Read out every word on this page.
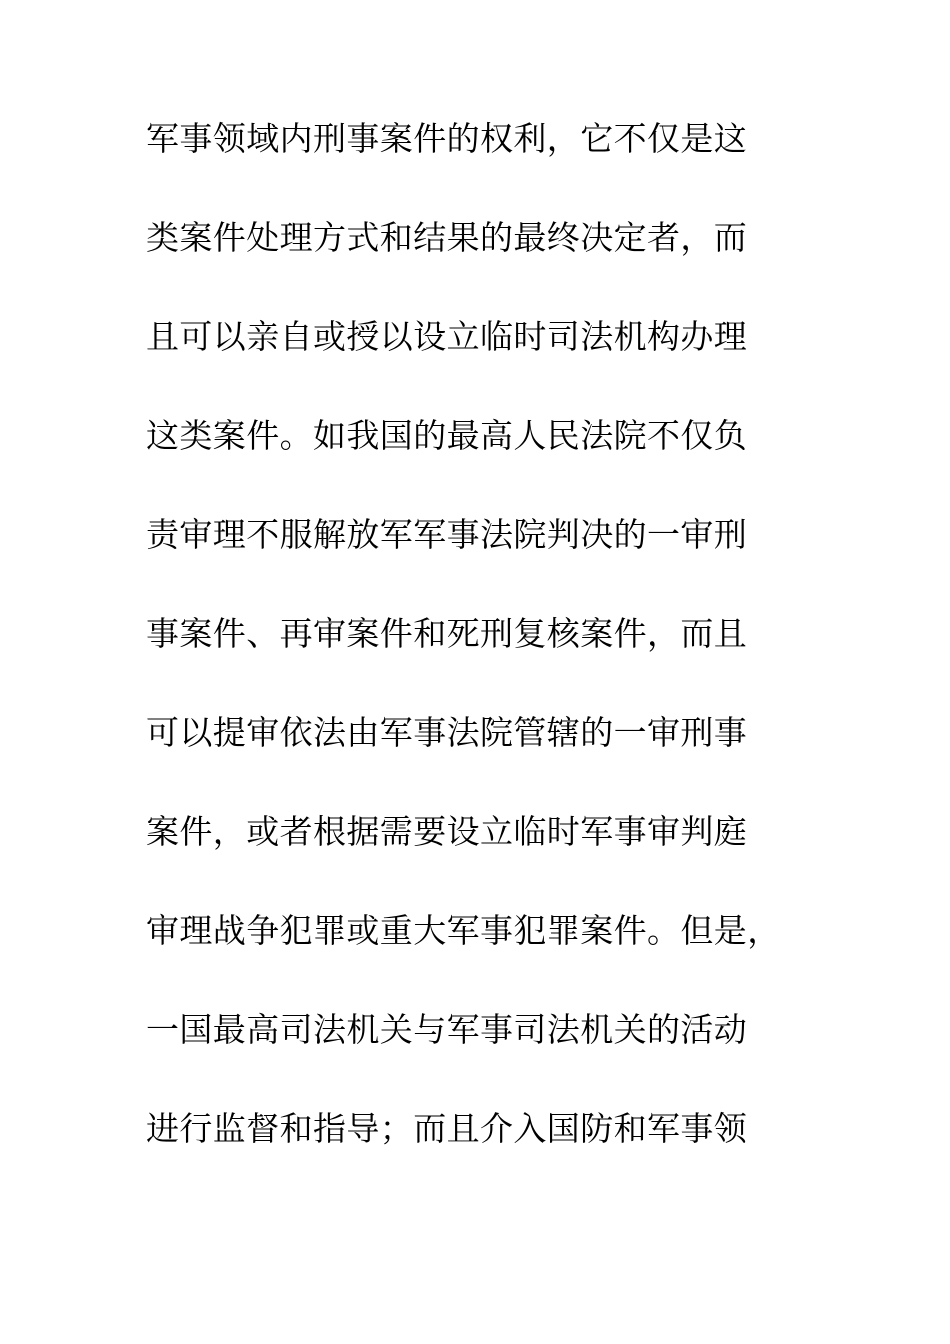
军事领域内刑事案件的权利，它不仅是这
类案件处理方式和结果的最终决定者，而
且可以亲自或授以设立临时司法机构办理
这类案件。如我国的最高人民法院不仅负
责审理不服解放军军事法院判决的一审刑
事案件、再审案件和死刑复核案件，而且
可以提审依法由军事法院管辖的一审刑事
案件，或者根据需要设立临时军事审判庭
审理战争犯罪或重大军事犯罪案件。但是，
一国最高司法机关与军事司法机关的活动
进行监督和指导；而且介入国防和军事领
